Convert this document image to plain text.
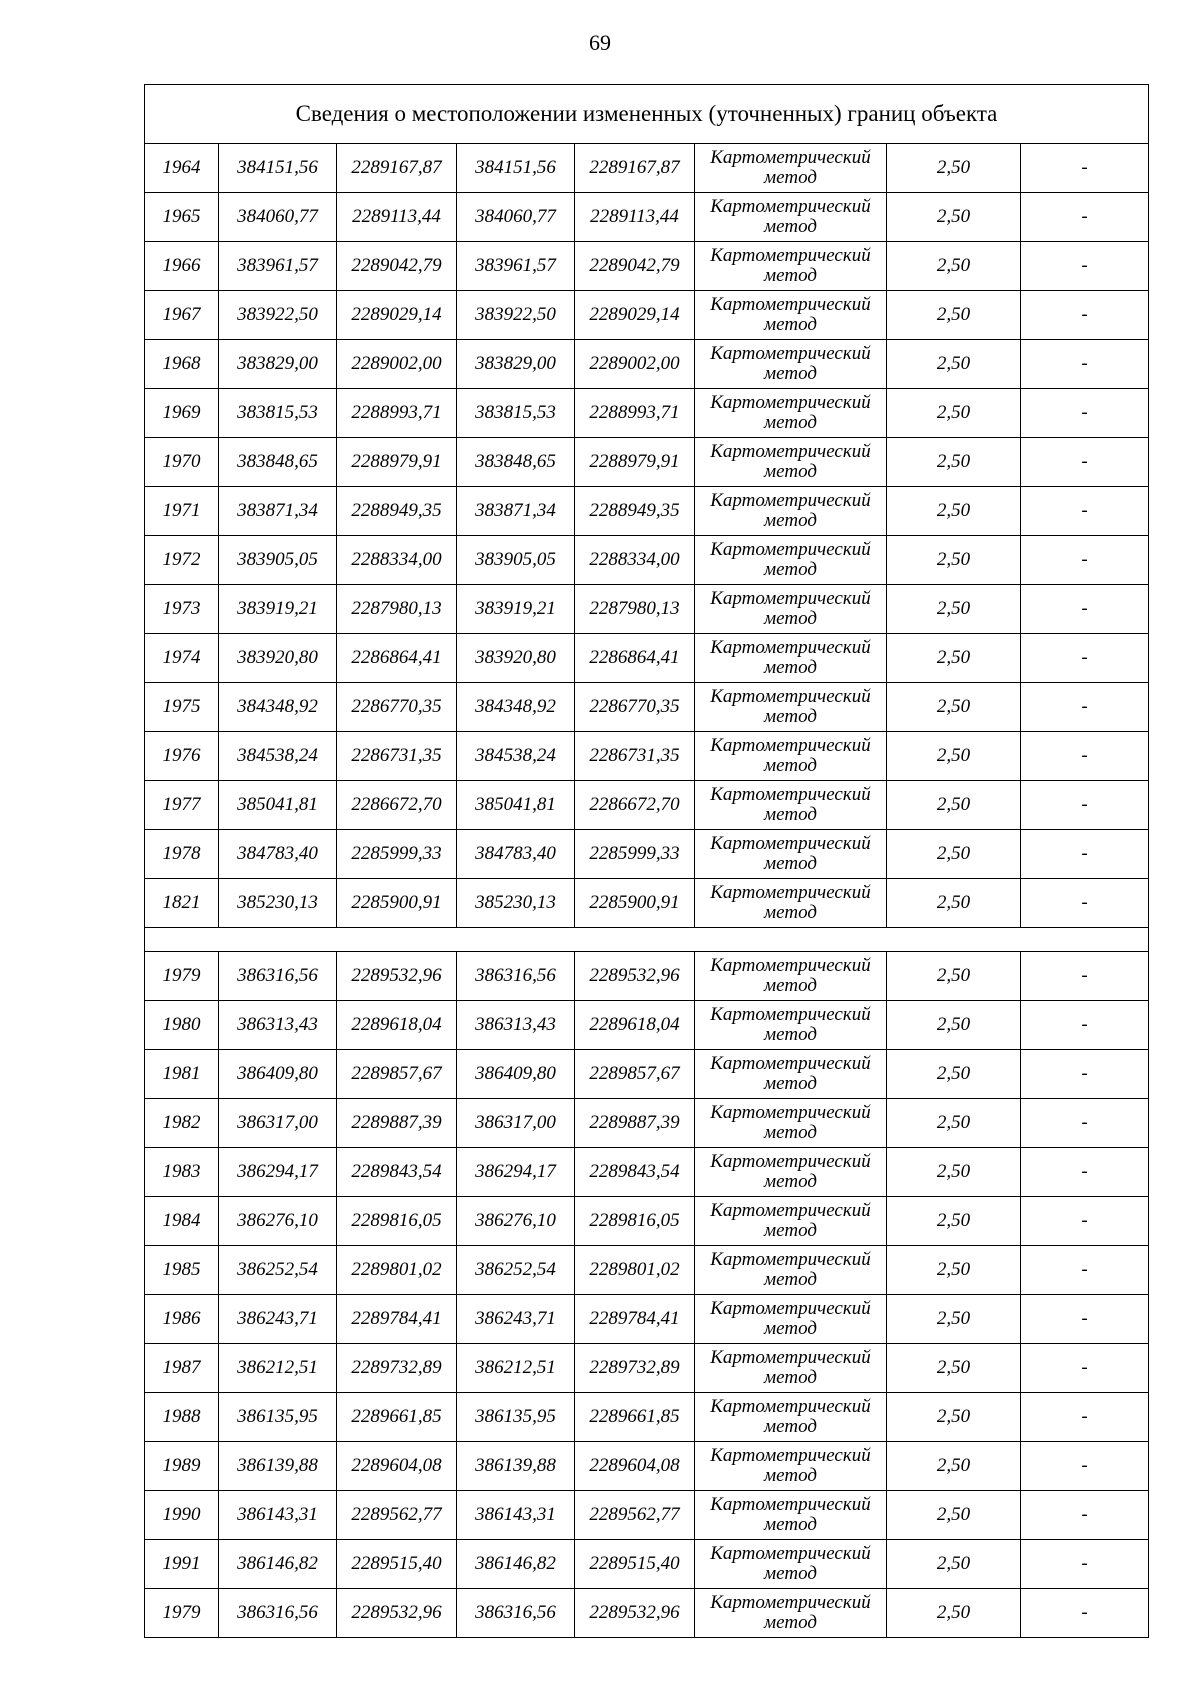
69
Сведения о местоположении измененных (уточненных) границ объекта							
1964	384151,56	2289167,87	384151,56	2289167,87	Картометрический
метод	2,50	-
1965	384060,77	2289113,44	384060,77	2289113,44	Картометрический
метод	2,50	-
1966	383961,57	2289042,79	383961,57	2289042,79	Картометрический
метод	2,50	-
1967	383922,50	2289029,14	383922,50	2289029,14	Картометрический
метод	2,50	-
1968	383829,00	2289002,00	383829,00	2289002,00	Картометрический
метод	2,50	-
1969	383815,53	2288993,71	383815,53	2288993,71	Картометрический
метод	2,50	-
1970	383848,65	2288979,91	383848,65	2288979,91	Картометрический
метод	2,50	-
1971	383871,34	2288949,35	383871,34	2288949,35	Картометрический
метод	2,50	-
1972	383905,05	2288334,00	383905,05	2288334,00	Картометрический
метод	2,50	-
1973	383919,21	2287980,13	383919,21	2287980,13	Картометрический
метод	2,50	-
1974	383920,80	2286864,41	383920,80	2286864,41	Картометрический
метод	2,50	-
1975	384348,92	2286770,35	384348,92	2286770,35	Картометрический
метод	2,50	-
1976	384538,24	2286731,35	384538,24	2286731,35	Картометрический
метод	2,50	-
1977	385041,81	2286672,70	385041,81	2286672,70	Картометрический
метод	2,50	-
1978	384783,40	2285999,33	384783,40	2285999,33	Картометрический
метод	2,50	-
1821	385230,13	2285900,91	385230,13	2285900,91	Картометрический
метод	2,50	-

1979	386316,56	2289532,96	386316,56	2289532,96	Картометрический
метод	2,50	-
1980	386313,43	2289618,04	386313,43	2289618,04	Картометрический
метод	2,50	-
1981	386409,80	2289857,67	386409,80	2289857,67	Картометрический
метод	2,50	-
1982	386317,00	2289887,39	386317,00	2289887,39	Картометрический
метод	2,50	-
1983	386294,17	2289843,54	386294,17	2289843,54	Картометрический
метод	2,50	-
1984	386276,10	2289816,05	386276,10	2289816,05	Картометрический
метод	2,50	-
1985	386252,54	2289801,02	386252,54	2289801,02	Картометрический
метод	2,50	-
1986	386243,71	2289784,41	386243,71	2289784,41	Картометрический
метод	2,50	-
1987	386212,51	2289732,89	386212,51	2289732,89	Картометрический
метод	2,50	-
1988	386135,95	2289661,85	386135,95	2289661,85	Картометрический
метод	2,50	-
1989	386139,88	2289604,08	386139,88	2289604,08	Картометрический
метод	2,50	-
1990	386143,31	2289562,77	386143,31	2289562,77	Картометрический
метод	2,50	-
1991	386146,82	2289515,40	386146,82	2289515,40	Картометрический
метод	2,50	-
1979	386316,56	2289532,96	386316,56	2289532,96	Картометрический
метод	2,50	-
